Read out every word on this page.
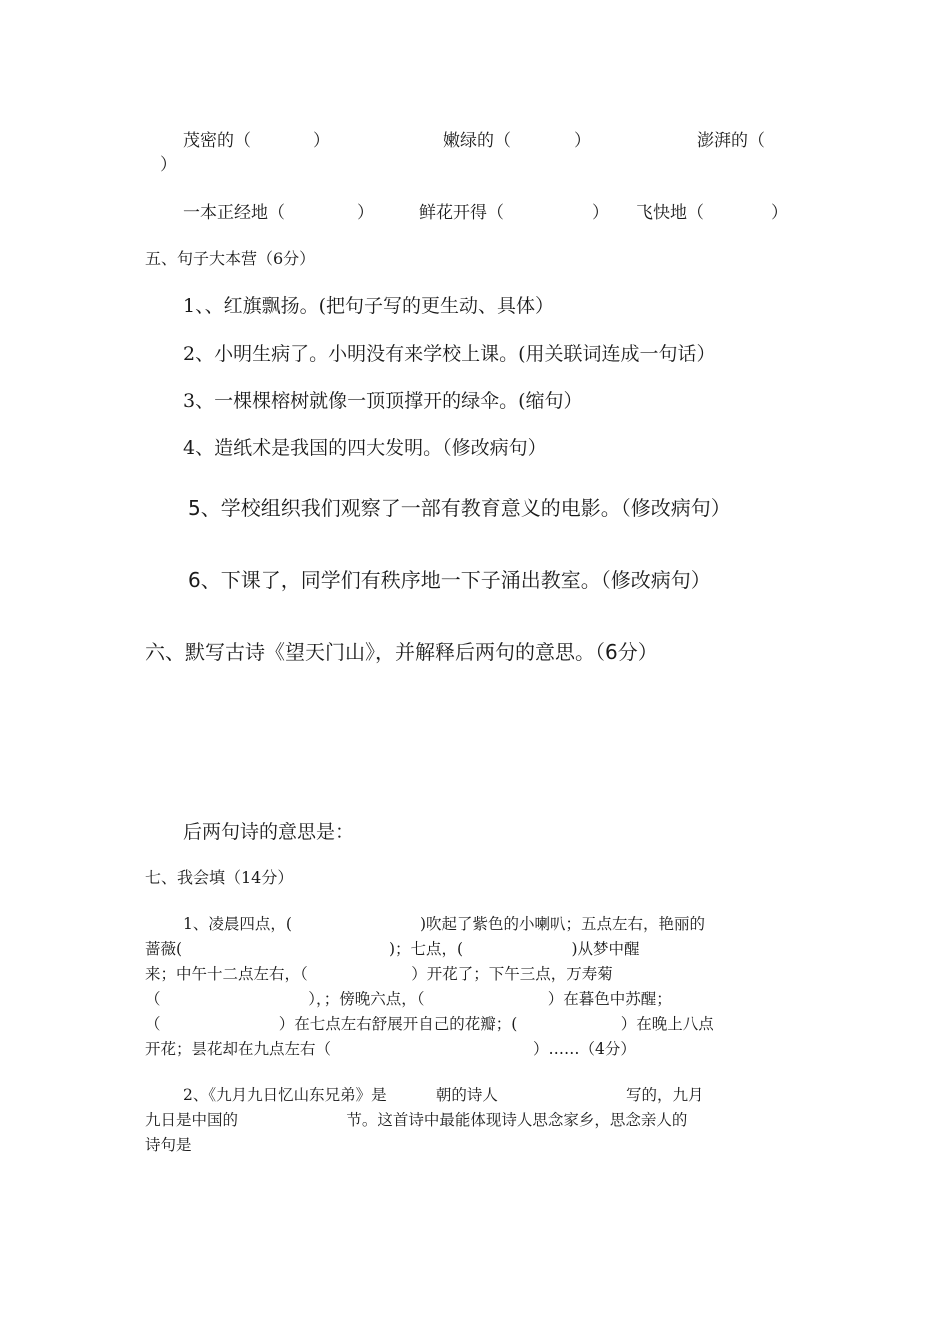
茂密的（	）	嫩绿的（	）	澎湃的（
）
一本正经地（	）	鲜花开得（	） 飞快地（	）
五、句子大本营（6分）
1、、红旗飘扬。(把句子写的更生动、具体）
2、小明生病了。小明没有来学校上课。(用关联词连成一句话）
3、一棵棵榕树就像一顶顶撑开的绿伞。(缩句）
4、造纸术是我国的四大发明。（修改病句）
5、学校组织我们观察了一部有教育意义的电影。（修改病句）
6、下课了，同学们有秩序地一下子涌出教室。（修改病句）
六、默写古诗《望天门山》，并解释后两句的意思。（6分）
后两句诗的意思是：
七、我会填（14分）
1、凌晨四点，(                          )吹起了紫色的小喇叭；五点左右，艳丽的
蔷薇(                                          )；七点，(                      )从梦中醒
来；中午十二点左右，（                     ）开花了；下午三点，万寿菊
（                              ），；傍晚六点，（                         ）在暮色中苏醒；
（                        ）在七点左右舒展开自己的花瓣；(                     ）在晚上八点
开花；昙花却在九点左右（                                         ）……（4分）
2、《九月九日忆山东兄弟》是          朝的诗人                          写的，九月
九日是中国的                      节。这首诗中最能体现诗人思念家乡，思念亲人的
诗句是
